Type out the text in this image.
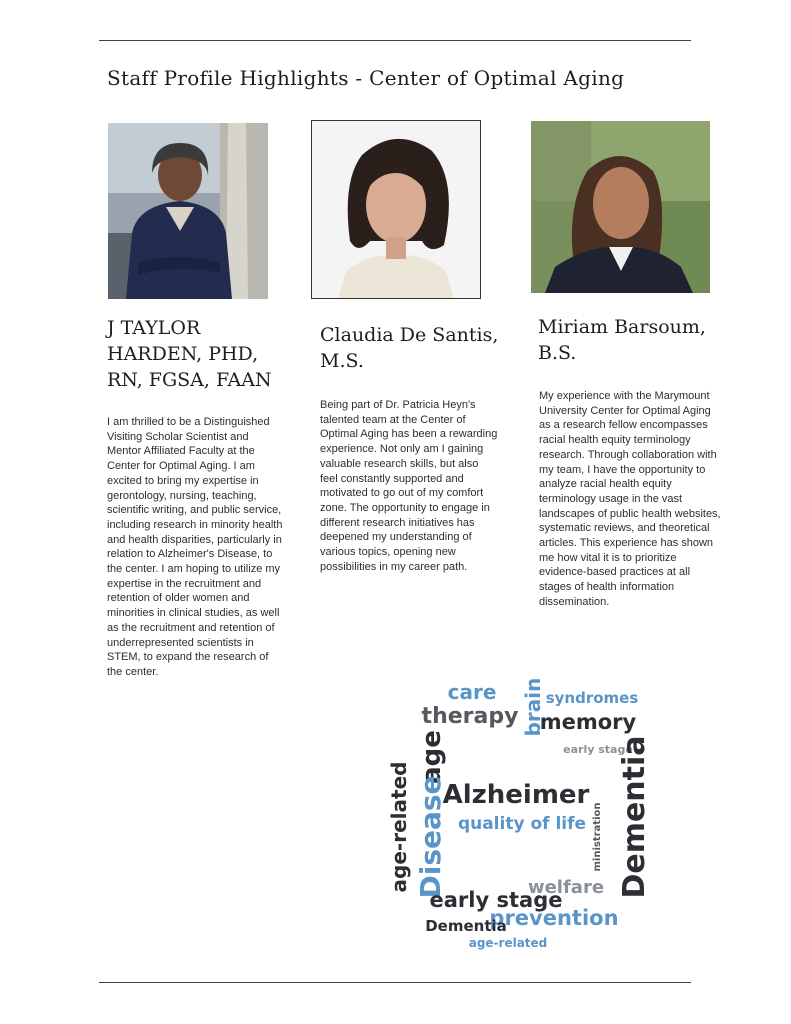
Staff Profile Highlights - Center of Optimal Aging
J TAYLOR HARDEN, PHD, RN, FGSA, FAAN
Claudia De Santis, M.S.
Miriam Barsoum, B.S.

I am thrilled to be a Distinguished Visiting Scholar Scientist and Mentor Affiliated Faculty at the Center for Optimal Aging. I am excited to bring my expertise in gerontology, nursing, teaching, scientific writing, and public service, including research in minority health and health disparities, particularly in relation to Alzheimer's Disease, to the center. I am hoping to utilize my expertise in the recruitment and retention of older women and minorities in clinical studies, as well as the recruitment and retention of underrepresented scientists in STEM, to expand the research of the center.

Being part of Dr. Patricia Heyn's talented team at the Center of Optimal Aging has been a rewarding experience. Not only am I gaining valuable research skills, but also feel constantly supported and motivated to go out of my comfort zone. The opportunity to engage in different research initiatives has deepened my understanding of various topics, opening new possibilities in my career path.

My experience with the Marymount University Center for Optimal Aging as a research fellow encompasses racial health equity terminology research. Through collaboration with my team, I have the opportunity to analyze racial health equity terminology usage in the vast landscapes of public health websites, systematic reviews, and theoretical articles. This experience has shown me how vital it is to prioritize evidence-based practices at all stages of health information dissemination.

care brain
therapy
syndromes
memory
age	early stage
Alzheimer
quality of life
age-related Disease	Dementia
ministration
welfare
early stage
prevention
Dementia
age-related
